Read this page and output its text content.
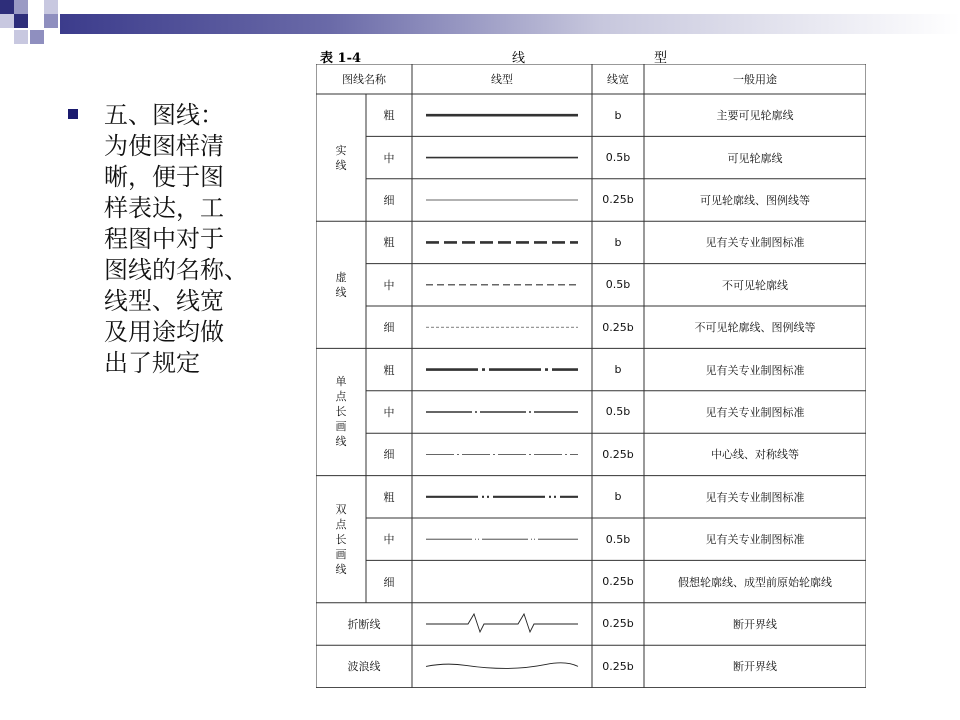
五、图线：
为使图样清
晰，便于图
样表达，工
程图中对于
图线的名称、
线型、线宽
及用途均做
出了规定
表 1-4	线	型
图线名称	线型	线宽	一般用途
实
线
粗	b	主要可见轮廓线
中	0.5b	可见轮廓线
细	0.25b	可见轮廓线、图例线等
虚
线
粗	b	见有关专业制图标准
中	0.5b	不可见轮廓线
细	0.25b	不可见轮廓线、图例线等
单
点
长
画
线
粗	b	见有关专业制图标准
中	0.5b	见有关专业制图标准
细	0.25b	中心线、对称线等
双
点
长
画
线
粗	b	见有关专业制图标准
中	0.5b	见有关专业制图标准
细	0.25b	假想轮廓线、成型前原始轮廓线
折断线	0.25b	断开界线
波浪线	0.25b	断开界线
